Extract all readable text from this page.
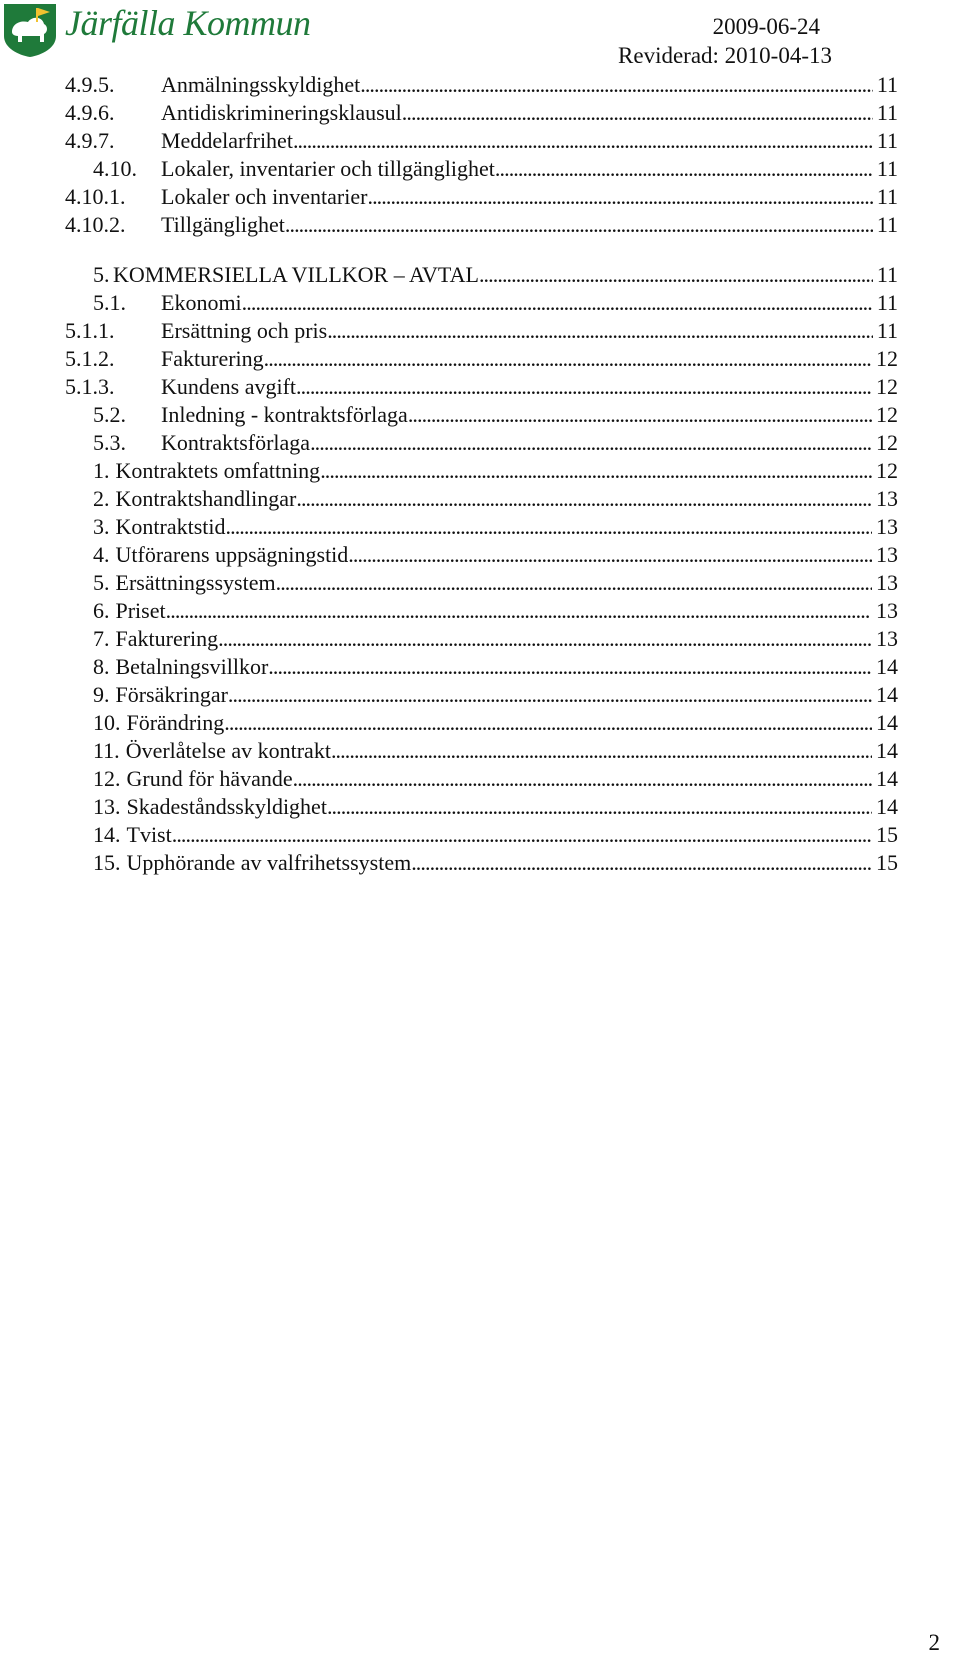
Järfälla Kommun	2009-06-24
Reviderad: 2010-04-13
4.9.5.	Anmälningsskyldighet . . .	11
4.9.6.	Antidiskrimineringsklausul . . .	11
4.9.7.	Meddelarfrihet . . .	11
4.10.	Lokaler, inventarier och tillgänglighet . . .	11
4.10.1.	Lokaler och inventarier . . .	11
4.10.2.	Tillgänglighet . . .	11
5. KOMMERSIELLA VILLKOR – AVTAL . . .	11
5.1.	Ekonomi . . .	11
5.1.1.	Ersättning och pris . . .	11
5.1.2.	Fakturering . . .	12
5.1.3.	Kundens avgift . . .	12
5.2.	Inledning - kontraktsförlaga . . .	12
5.3.	Kontraktsförlaga . . .	12
1. Kontraktets omfattning . . .	12
2. Kontraktshandlingar . . .	13
3. Kontraktstid . . .	13
4. Utförarens uppsägningstid . . .	13
5. Ersättningssystem . . .	13
6. Priset . . .	13
7. Fakturering . . .	13
8. Betalningsvillkor . . .	14
9. Försäkringar . . .	14
10. Förändring . . .	14
11. Överlåtelse av kontrakt . . .	14
12. Grund för hävande . . .	14
13. Skadeståndsskyldighet . . .	14
14. Tvist . . .	15
15. Upphörande av valfrihetssystem . . .	15
2
